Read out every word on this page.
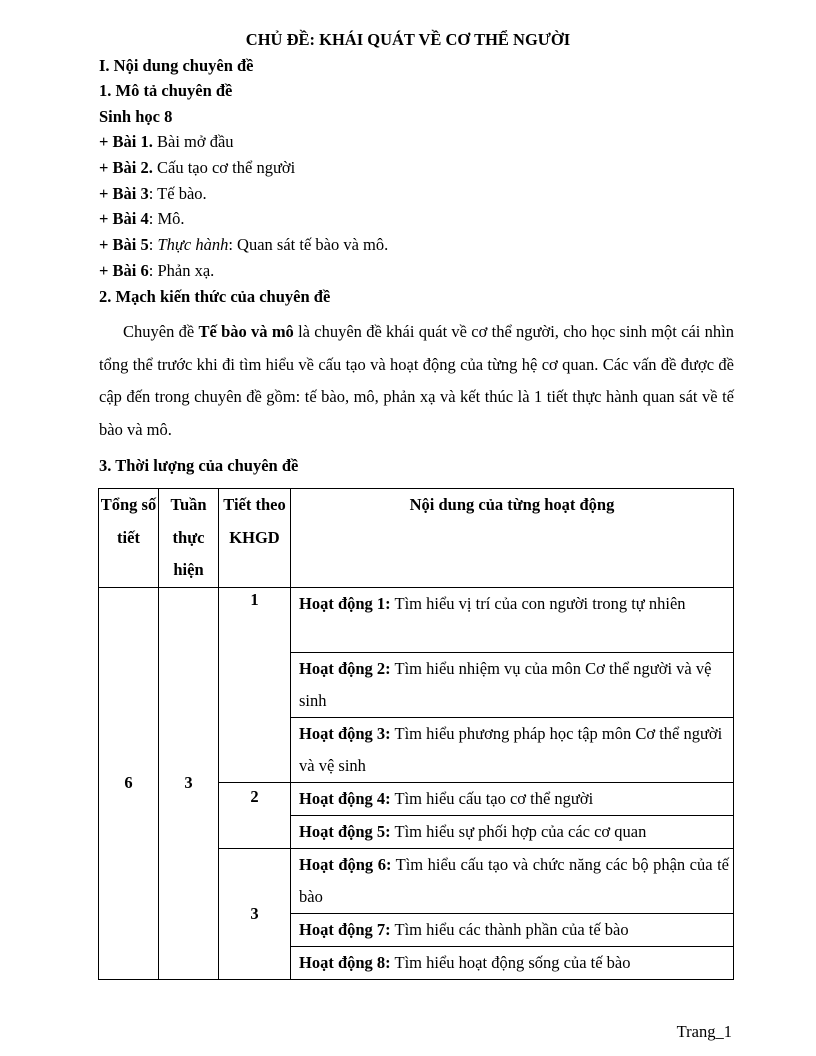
CHỦ ĐỀ: KHÁI QUÁT VỀ CƠ THỂ NGƯỜI
I. Nội dung chuyên đề
1. Mô tả chuyên đề
Sinh học 8
+ Bài 1. Bài mở đầu
+ Bài 2. Cấu tạo cơ thể người
+ Bài 3: Tế bào.
+ Bài 4: Mô.
+ Bài 5: Thực hành: Quan sát tế bào và mô.
+ Bài 6: Phản xạ.
2. Mạch kiến thức của chuyên đề

Chuyên đề Tế bào và mô là chuyên đề khái quát về cơ thể người, cho học sinh một cái nhìn tổng thể trước khi đi tìm hiểu về cấu tạo và hoạt động của từng hệ cơ quan. Các vấn đề được đề cập đến trong chuyên đề gồm: tế bào, mô, phản xạ và kết thúc là 1 tiết thực hành quan sát về tế bào và mô.

3. Thời lượng của chuyên đề
Tổng số tiết	Tuần thực hiện	Tiết theo KHGD	Nội dung của từng hoạt động
6	3	1	Hoạt động 1: Tìm hiểu vị trí của con người trong tự nhiên
			Hoạt động 2: Tìm hiểu nhiệm vụ của môn Cơ thể người và vệ sinh
			Hoạt động 3: Tìm hiểu phương pháp học tập môn Cơ thể người và vệ sinh
		2	Hoạt động 4: Tìm hiểu cấu tạo cơ thể người
			Hoạt động 5: Tìm hiểu sự phối hợp của các cơ quan
		3	Hoạt động 6: Tìm hiểu cấu tạo và chức năng các bộ phận của tế bào
			Hoạt động 7: Tìm hiểu các thành phần của tế bào
			Hoạt động 8: Tìm hiểu hoạt động sống của tế bào
Trang_1
